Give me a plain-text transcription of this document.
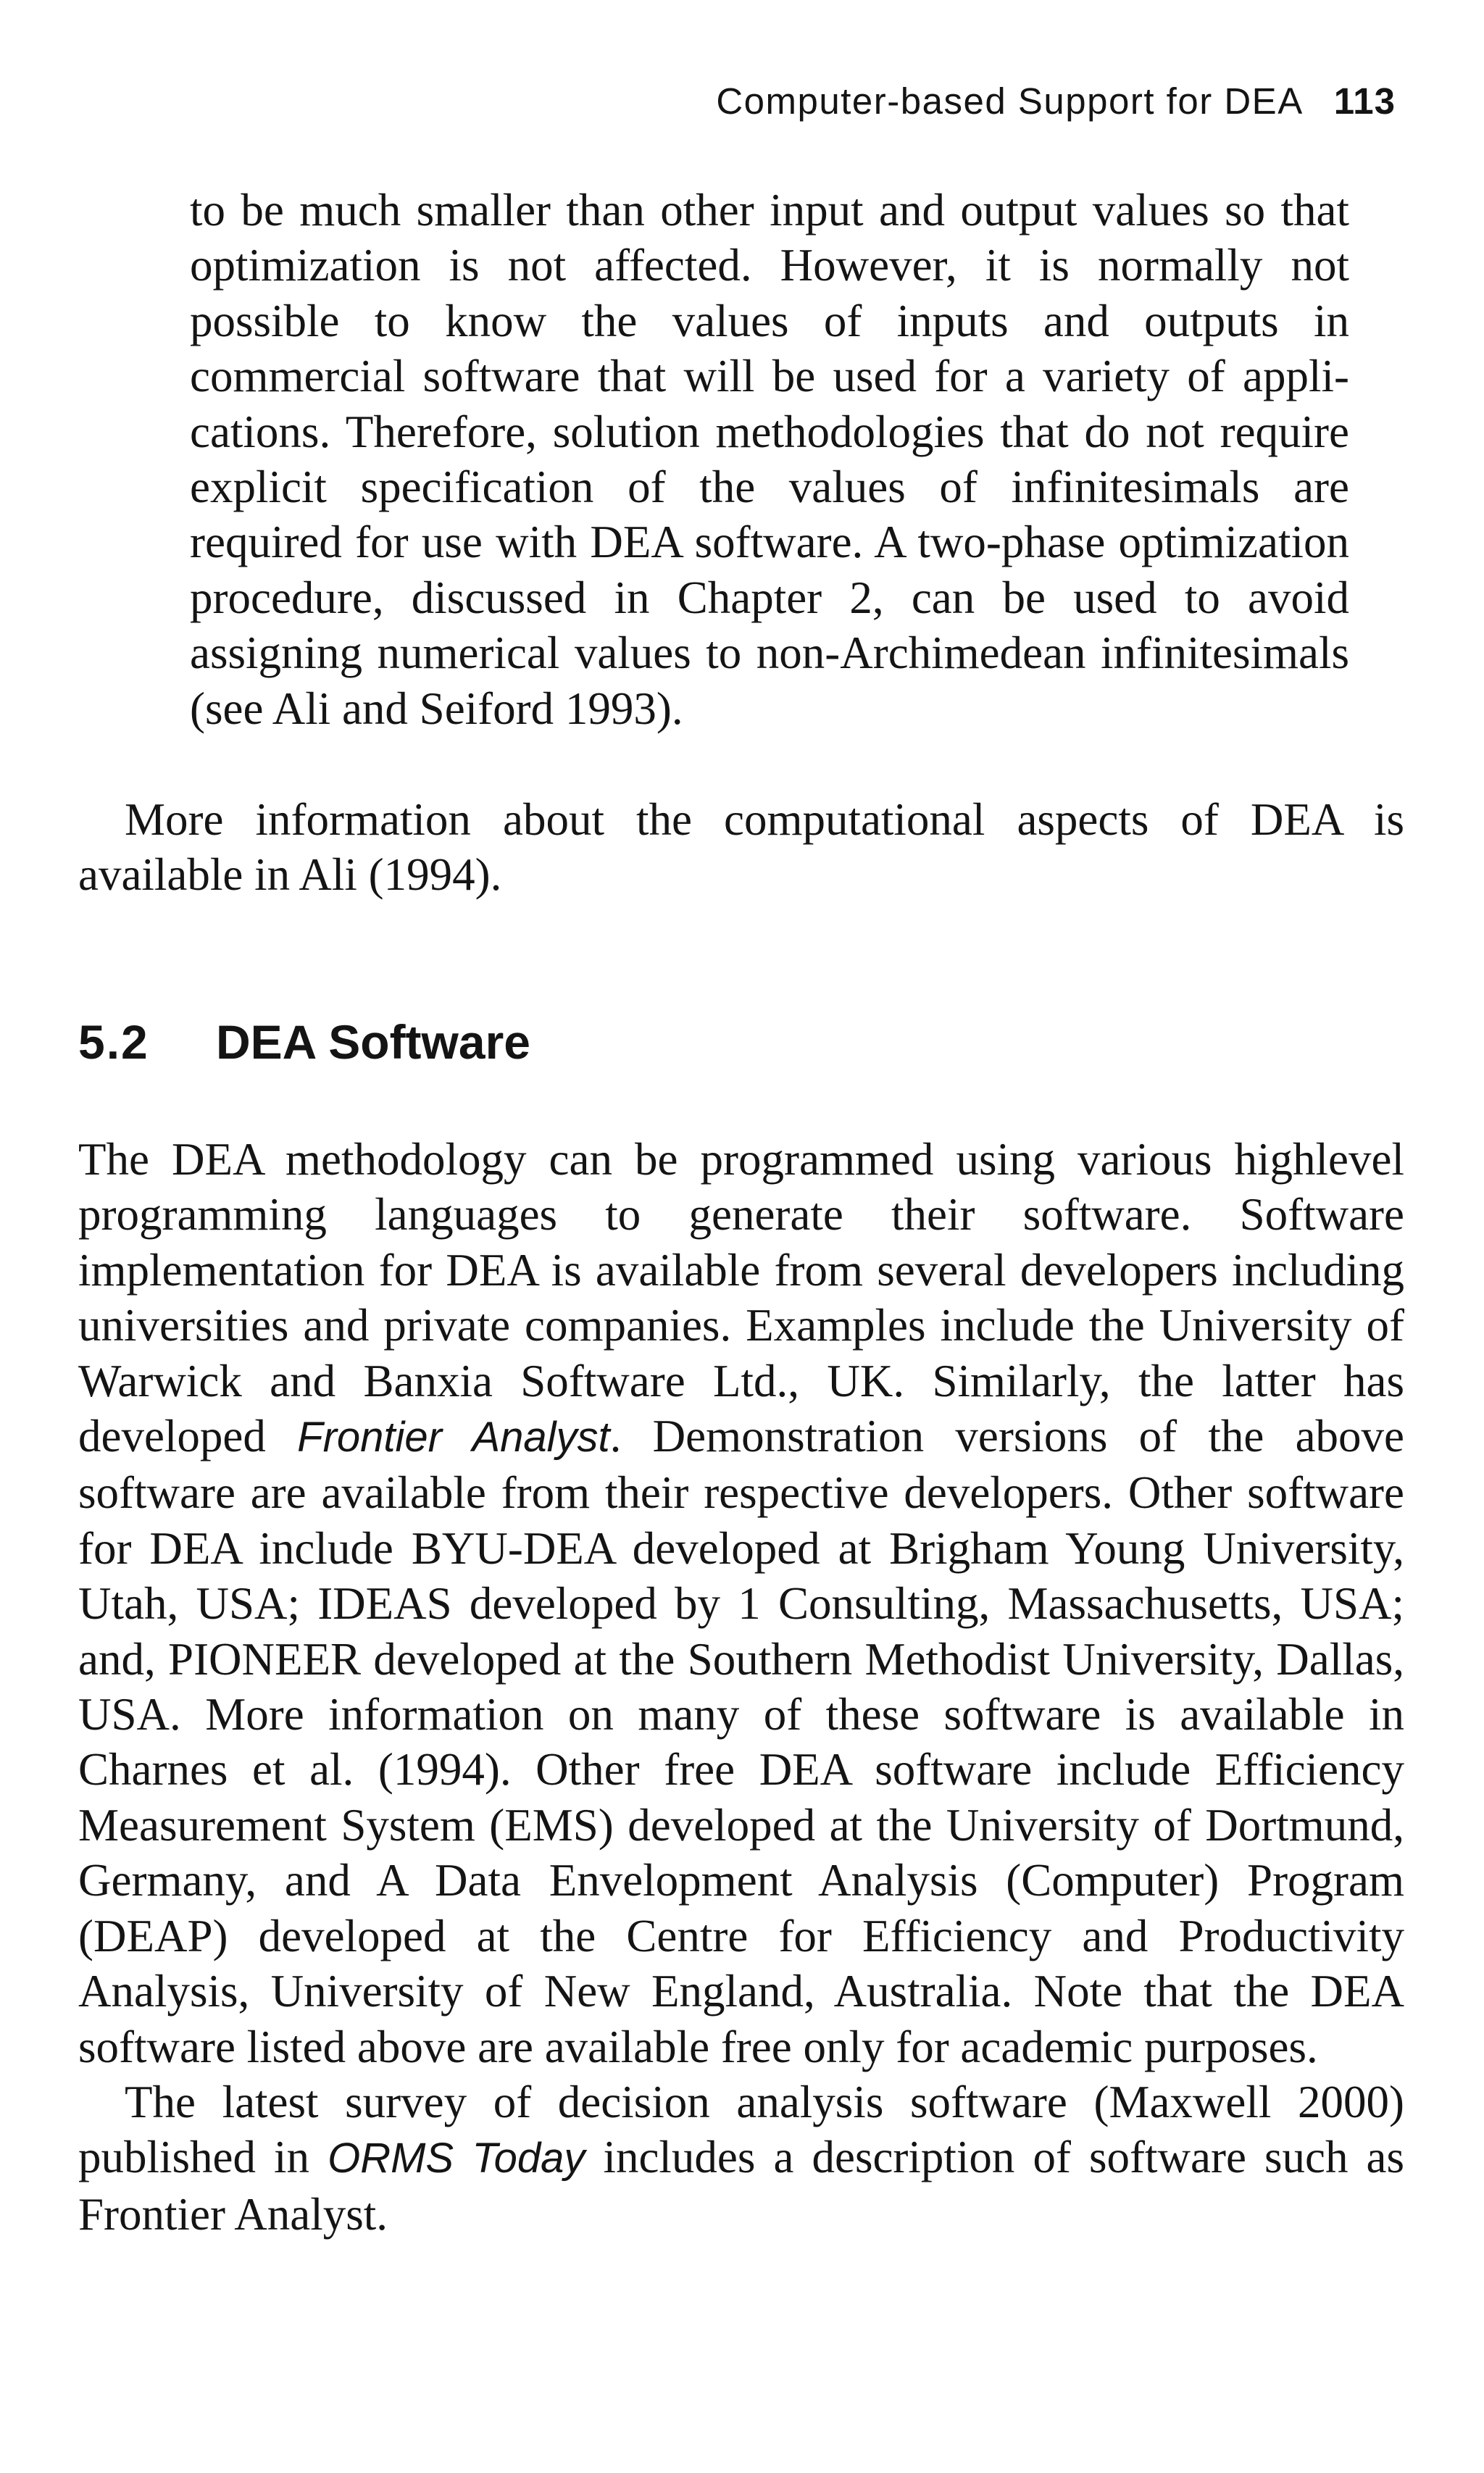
Computer-based Support for DEA 113

to be much smaller than other input and output values so that optimization is not affected. However, it is normally not possible to know the values of inputs and outputs in commercial software that will be used for a variety of applications. Therefore, solution methodologies that do not require explicit specification of the values of infinitesimals are required for use with DEA software. A two-phase optimization procedure, discussed in Chapter 2, can be used to avoid assigning numerical values to non-Archimedean infinitesimals (see Ali and Seiford 1993).

More information about the computational aspects of DEA is available in Ali (1994).

5.2 DEA Software

The DEA methodology can be programmed using various highlevel programming languages to generate their software. Software implementation for DEA is available from several developers including universities and private companies. Examples include the University of Warwick and Banxia Software Ltd., UK. Similarly, the latter has developed Frontier Analyst. Demonstration versions of the above software are available from their respective developers. Other software for DEA include BYU-DEA developed at Brigham Young University, Utah, USA; IDEAS developed by 1 Consulting, Massachusetts, USA; and, PIONEER developed at the Southern Methodist University, Dallas, USA. More information on many of these software is available in Charnes et al. (1994). Other free DEA software include Efficiency Measurement System (EMS) developed at the University of Dortmund, Germany, and A Data Envelopment Analysis (Computer) Program (DEAP) developed at the Centre for Efficiency and Productivity Analysis, University of New England, Australia. Note that the DEA software listed above are available free only for academic purposes.

The latest survey of decision analysis software (Maxwell 2000) published in ORMS Today includes a description of software such as Frontier Analyst.
